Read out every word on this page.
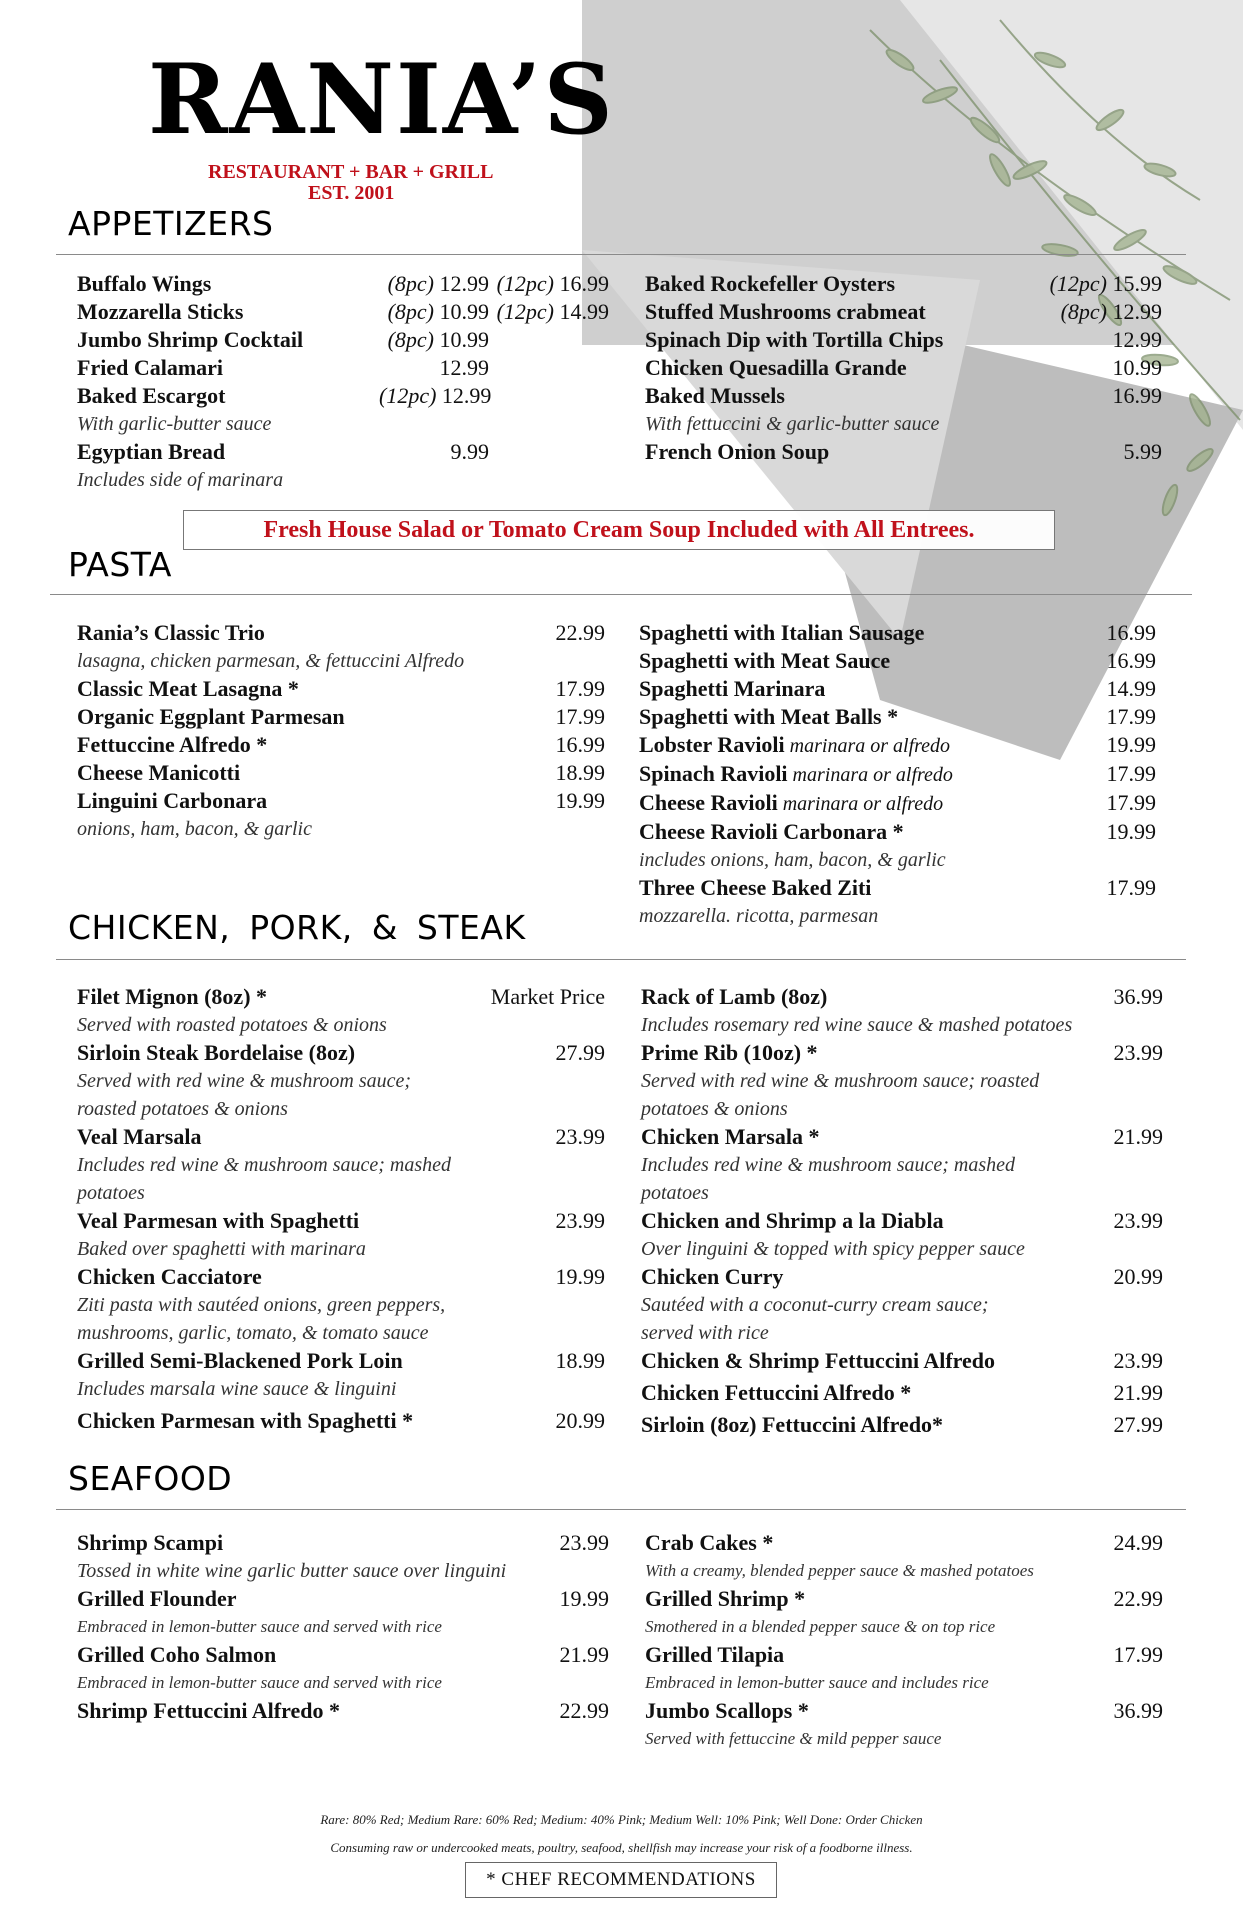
RANIA’S
RESTAURANT + BAR + GRILL
EST. 2001
APPETIZERS
Buffalo Wings	(8pc) 12.99 (12pc) 16.99
Mozzarella Sticks	(8pc) 10.99 (12pc) 14.99
Jumbo Shrimp Cocktail	(8pc) 10.99
Fried Calamari	12.99
Baked Escargot	(12pc) 12.99
With garlic-butter sauce
Egyptian Bread	9.99
Includes side of marinara
Baked Rockefeller Oysters	(12pc) 15.99
Stuffed Mushrooms crabmeat	(8pc) 12.99
Spinach Dip with Tortilla Chips	12.99
Chicken Quesadilla Grande	10.99
Baked Mussels	16.99
With fettuccini & garlic-butter sauce
French Onion Soup	5.99
Fresh House Salad or Tomato Cream Soup Included with All Entrees.
PASTA
Rania’s Classic Trio	22.99
lasagna, chicken parmesan, & fettuccini Alfredo
Classic Meat Lasagna *	17.99
Organic Eggplant Parmesan	17.99
Fettuccine Alfredo *	16.99
Cheese Manicotti	18.99
Linguini Carbonara	19.99
onions, ham, bacon, & garlic
Spaghetti with Italian Sausage	16.99
Spaghetti with Meat Sauce	16.99
Spaghetti Marinara	14.99
Spaghetti with Meat Balls *	17.99
Lobster Ravioli marinara or alfredo	19.99
Spinach Ravioli marinara or alfredo	17.99
Cheese Ravioli marinara or alfredo	17.99
Cheese Ravioli Carbonara *	19.99
includes onions, ham, bacon, & garlic
Three Cheese Baked Ziti	17.99
mozzarella. ricotta, parmesan
CHICKEN, PORK, & STEAK
Filet Mignon (8oz) *	Market Price
Served with roasted potatoes & onions
Sirloin Steak Bordelaise (8oz)	27.99
Served with red wine & mushroom sauce;
roasted potatoes & onions
Veal Marsala	23.99
Includes red wine & mushroom sauce; mashed
potatoes
Veal Parmesan with Spaghetti	23.99
Baked over spaghetti with marinara
Chicken Cacciatore	19.99
Ziti pasta with sautéed onions, green peppers,
mushrooms, garlic, tomato, & tomato sauce
Grilled Semi-Blackened Pork Loin	18.99
Includes marsala wine sauce & linguini
Chicken Parmesan with Spaghetti *	20.99
Rack of Lamb (8oz)	36.99
Includes rosemary red wine sauce & mashed potatoes
Prime Rib (10oz) *	23.99
Served with red wine & mushroom sauce; roasted
potatoes & onions
Chicken Marsala *	21.99
Includes red wine & mushroom sauce; mashed
potatoes
Chicken and Shrimp a la Diabla	23.99
Over linguini & topped with spicy pepper sauce
Chicken Curry	20.99
Sautéed with a coconut-curry cream sauce;
served with rice
Chicken & Shrimp Fettuccini Alfredo	23.99
Chicken Fettuccini Alfredo *	21.99
Sirloin (8oz) Fettuccini Alfredo*	27.99
SEAFOOD
Shrimp Scampi	23.99
Tossed in white wine garlic butter sauce over linguini
Grilled Flounder	19.99
Embraced in lemon-butter sauce and served with rice
Grilled Coho Salmon	21.99
Embraced in lemon-butter sauce and served with rice
Shrimp Fettuccini Alfredo *	22.99
Crab Cakes *	24.99
With a creamy, blended pepper sauce & mashed potatoes
Grilled Shrimp *	22.99
Smothered in a blended pepper sauce & on top rice
Grilled Tilapia	17.99
Embraced in lemon-butter sauce and includes rice
Jumbo Scallops *	36.99
Served with fettuccine & mild pepper sauce
Rare: 80% Red; Medium Rare: 60% Red; Medium: 40% Pink; Medium Well: 10% Pink; Well Done: Order Chicken
Consuming raw or undercooked meats, poultry, seafood, shellfish may increase your risk of a foodborne illness.
* CHEF RECOMMENDATIONS
